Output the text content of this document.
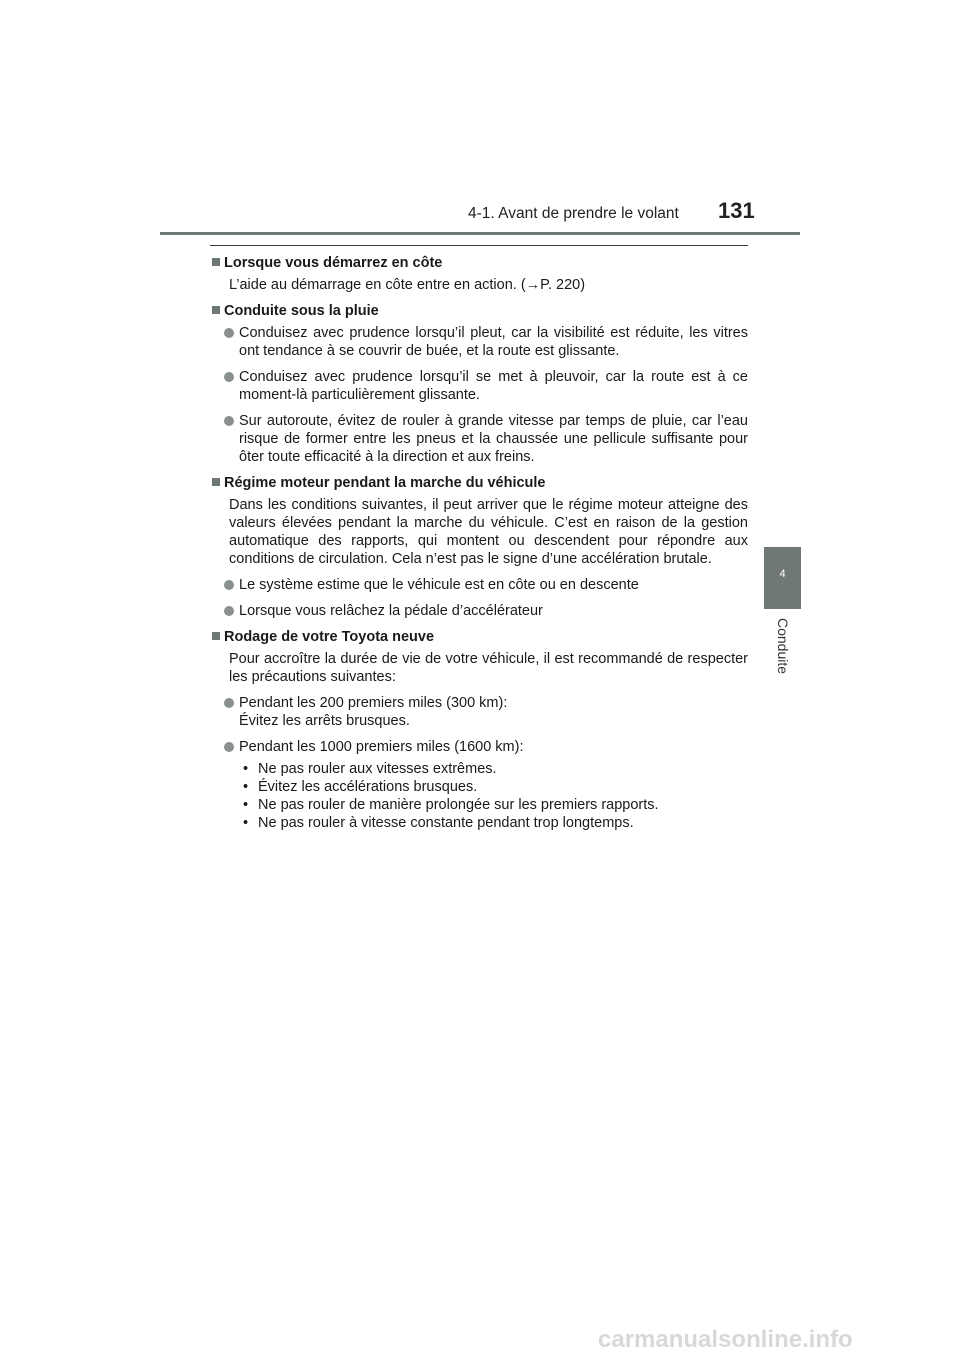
4-1. Avant de prendre le volant 131
4
Conduite
Lorsque vous démarrez en côte

L’aide au démarrage en côte entre en action. (→P. 220)

Conduite sous la pluie
Conduisez avec prudence lorsqu’il pleut, car la visibilité est réduite, les vitres ont tendance à se couvrir de buée, et la route est glissante.
Conduisez avec prudence lorsqu’il se met à pleuvoir, car la route est à ce moment-là particulièrement glissante.
Sur autoroute, évitez de rouler à grande vitesse par temps de pluie, car l’eau risque de former entre les pneus et la chaussée une pellicule suffisante pour ôter toute efficacité à la direction et aux freins.
Régime moteur pendant la marche du véhicule

Dans les conditions suivantes, il peut arriver que le régime moteur atteigne des valeurs élevées pendant la marche du véhicule. C’est en raison de la gestion automatique des rapports, qui montent ou descendent pour répondre aux conditions de circulation. Cela n’est pas le signe d’une accélération brutale.

Le système estime que le véhicule est en côte ou en descente
Lorsque vous relâchez la pédale d’accélérateur
Rodage de votre Toyota neuve

Pour accroître la durée de vie de votre véhicule, il est recommandé de respecter les précautions suivantes:

Pendant les 200 premiers miles (300 km):
Évitez les arrêts brusques.
Pendant les 1000 premiers miles (1600 km):
• Ne pas rouler aux vitesses extrêmes.
• Évitez les accélérations brusques.
• Ne pas rouler de manière prolongée sur les premiers rapports.
• Ne pas rouler à vitesse constante pendant trop longtemps.
carmanualsonline.info
